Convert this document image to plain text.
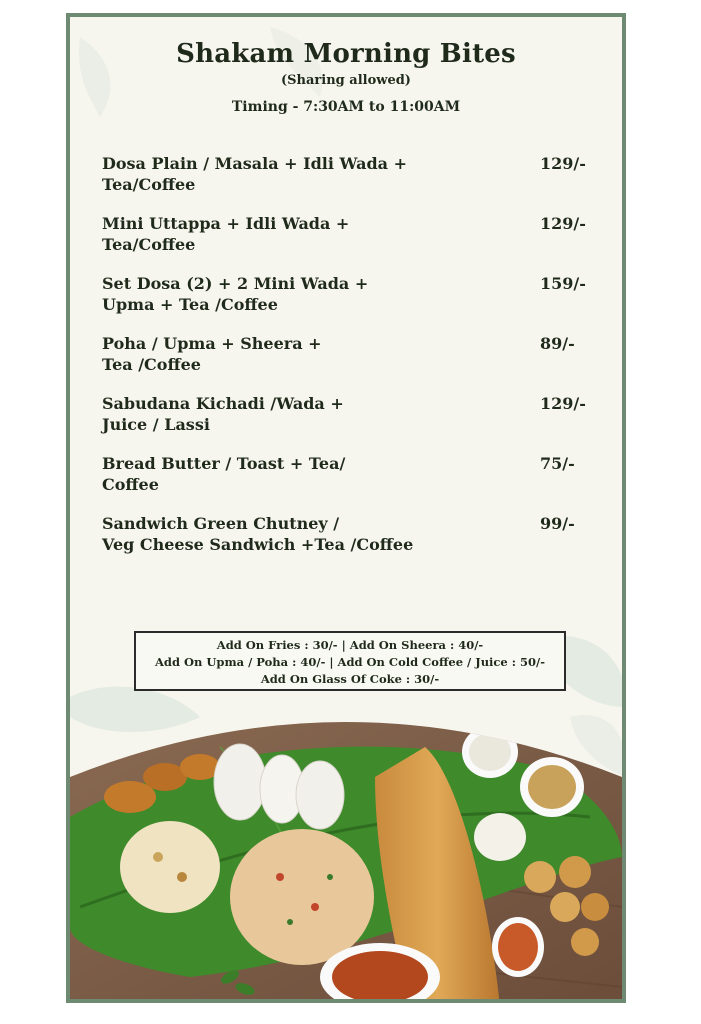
Shakam Morning Bites
(Sharing allowed)
Timing - 7:30AM to 11:00AM
Dosa Plain / Masala + Idli Wada +
Tea/Coffee
129/-
Mini Uttappa + Idli Wada +
Tea/Coffee
129/-
Set Dosa (2) + 2 Mini Wada +
Upma + Tea /Coffee
159/-
Poha / Upma + Sheera +
Tea /Coffee
89/-
Sabudana Kichadi /Wada +
Juice / Lassi
129/-
Bread Butter / Toast + Tea/
Coffee
75/-
Sandwich Green Chutney /
Veg Cheese Sandwich +Tea /Coffee
99/-
Add On Fries : 30/- | Add On Sheera : 40/-
Add On Upma / Poha : 40/- | Add On Cold Coffee / Juice : 50/-
Add On Glass Of Coke : 30/-
